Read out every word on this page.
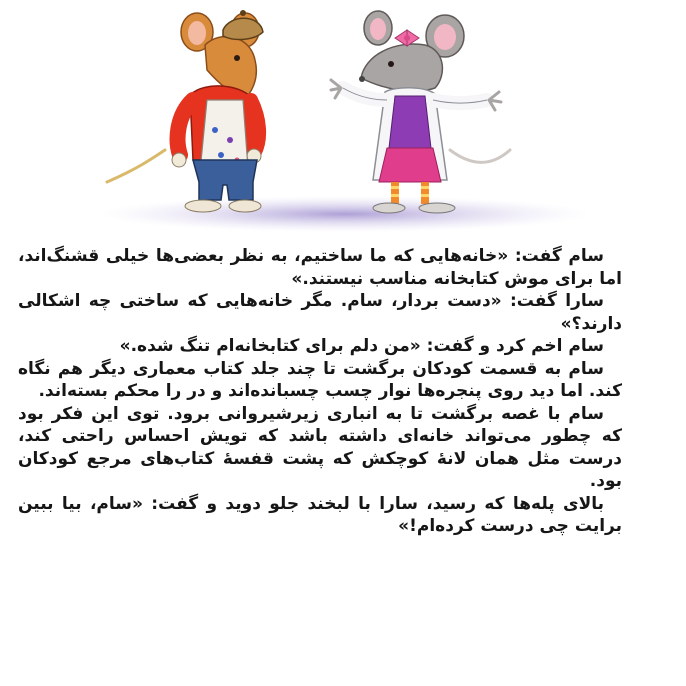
سام گفت: «خانه‌هایی که ما ساختیم، به نظر بعضی‌ها خیلی قشنگ‌اند، اما برای موش کتابخانه مناسب نیستند.»

سارا گفت: «دست بردار، سام. مگر خانه‌هایی که ساختی چه اشکالی دارند؟»

سام اخم کرد و گفت: «من دلم برای کتابخانه‌ام تنگ شده.»

سام به قسمت کودکان برگشت تا چند جلد کتاب معماری دیگر هم نگاه کند. اما دید روی پنجره‌ها نوار چسب چسبانده‌اند و در را محکم بسته‌اند.

سام با غصه برگشت تا به انباری زیرشیروانی برود. توی این فکر بود که چطور می‌تواند خانه‌ای داشته باشد که تویش احساس راحتی کند، درست مثل همان لانهٔ کوچکش که پشت قفسهٔ کتاب‌های مرجع کودکان بود.

بالای پله‌ها که رسید، سارا با لبخند جلو دوید و گفت: «سام، بیا ببین برایت چی درست کرده‌ام!»
